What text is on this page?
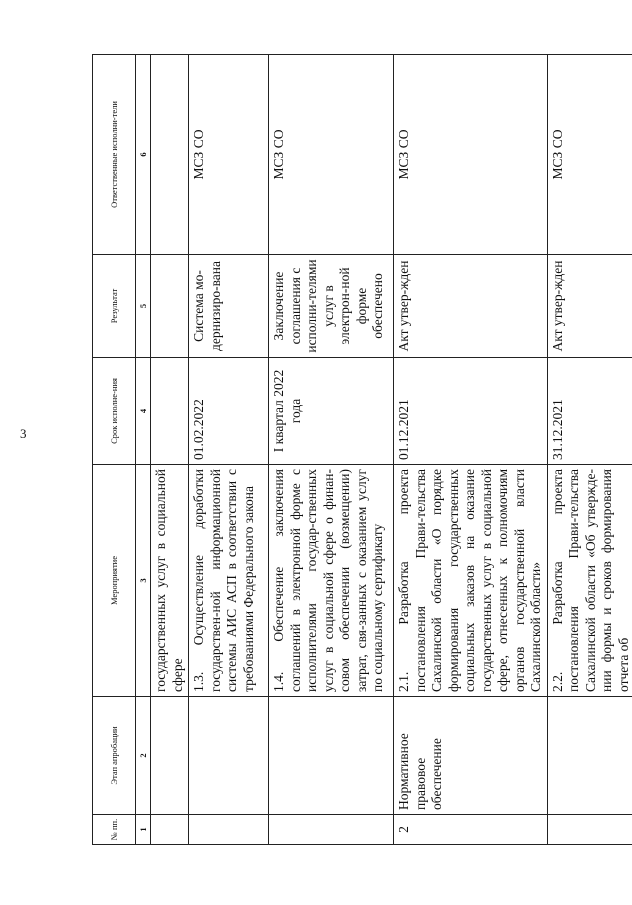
3
№ пп.	Этап апробации	Мероприятие	Срок исполне-ния	Результат	Ответственные исполни-тели
1	2	3	4	5	6
		государственных услуг в социальной сфере			
		1.3. Осуществление доработки государствен-ной информационной системы АИС АСП в соответствии с требованиями Федерального закона	01.02.2022	Система мо-дернизиро-вана	МСЗ СО
		1.4. Обеспечение заключения соглашений в электронной форме с исполнителями государ-ственных услуг в социальной сфере о финан-совом обеспечении (возмещении) затрат, свя-занных с оказанием услуг по социальному сертификату	I квартал 2022 года	Заключение соглашения с исполни-телями услуг в электрон-ной форме обеспечено	МСЗ СО
2	Нормативное правовое обеспечение	2.1. Разработка проекта постановления Прави-тельства Сахалинской области «О порядке формирования государственных социальных заказов на оказание государственных услуг в социальной сфере, отнесенных к полномочиям органов государственной власти Сахалинской области»	01.12.2021	Акт утвер-жден	МСЗ СО
		2.2. Разработка проекта постановления Прави-тельства Сахалинской области «Об утвержде-нии формы и сроков формирования отчета об	31.12.2021	Акт утвер-жден	МСЗ СО
